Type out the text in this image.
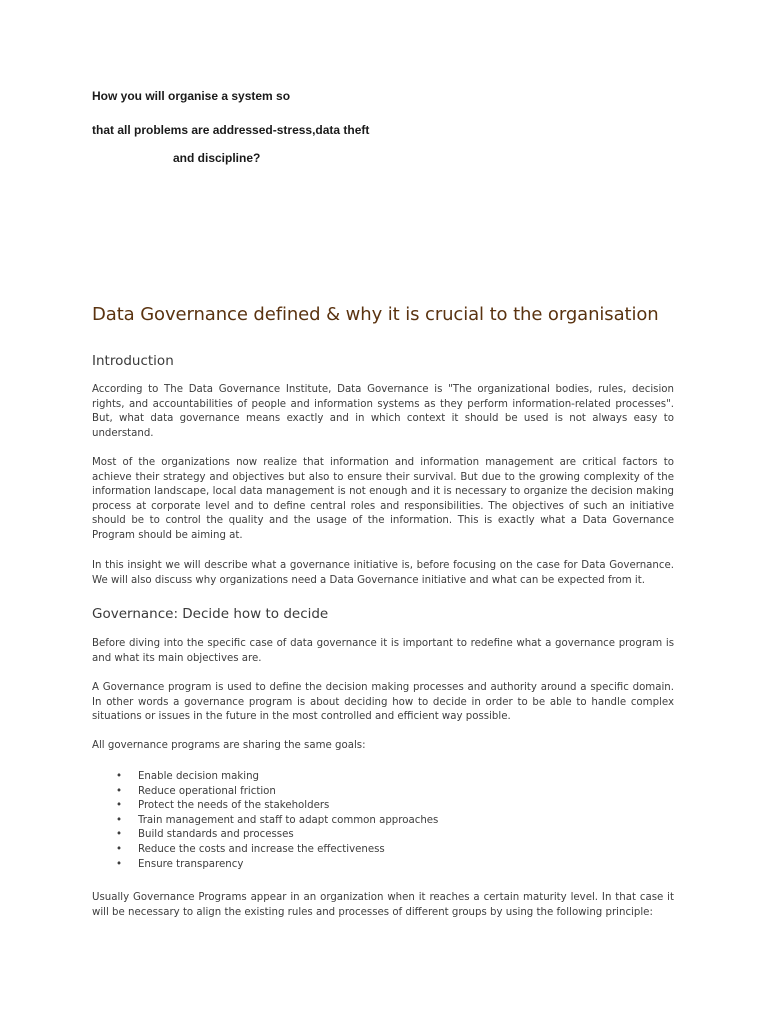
How you will organise a system so
that all problems are addressed-stress,data theft
and discipline?
Data Governance defined & why it is crucial to the organisation
Introduction

According to The Data Governance Institute, Data Governance is "The organizational bodies, rules, decision rights, and accountabilities of people and information systems as they perform information-related processes". But, what data governance means exactly and in which context it should be used is not always easy to understand.

Most of the organizations now realize that information and information management are critical factors to achieve their strategy and objectives but also to ensure their survival. But due to the growing complexity of the information landscape, local data management is not enough and it is necessary to organize the decision making process at corporate level and to define central roles and responsibilities. The objectives of such an initiative should be to control the quality and the usage of the information. This is exactly what a Data Governance Program should be aiming at.

In this insight we will describe what a governance initiative is, before focusing on the case for Data Governance. We will also discuss why organizations need a Data Governance initiative and what can be expected from it.

Governance: Decide how to decide

Before diving into the specific case of data governance it is important to redefine what a governance program is and what its main objectives are.

A Governance program is used to define the decision making processes and authority around a specific domain. In other words a governance program is about deciding how to decide in order to be able to handle complex situations or issues in the future in the most controlled and efficient way possible.

All governance programs are sharing the same goals:

• Enable decision making
• Reduce operational friction
• Protect the needs of the stakeholders
• Train management and staff to adapt common approaches
• Build standards and processes
• Reduce the costs and increase the effectiveness
• Ensure transparency

Usually Governance Programs appear in an organization when it reaches a certain maturity level. In that case it will be necessary to align the existing rules and processes of different groups by using the following principle:
